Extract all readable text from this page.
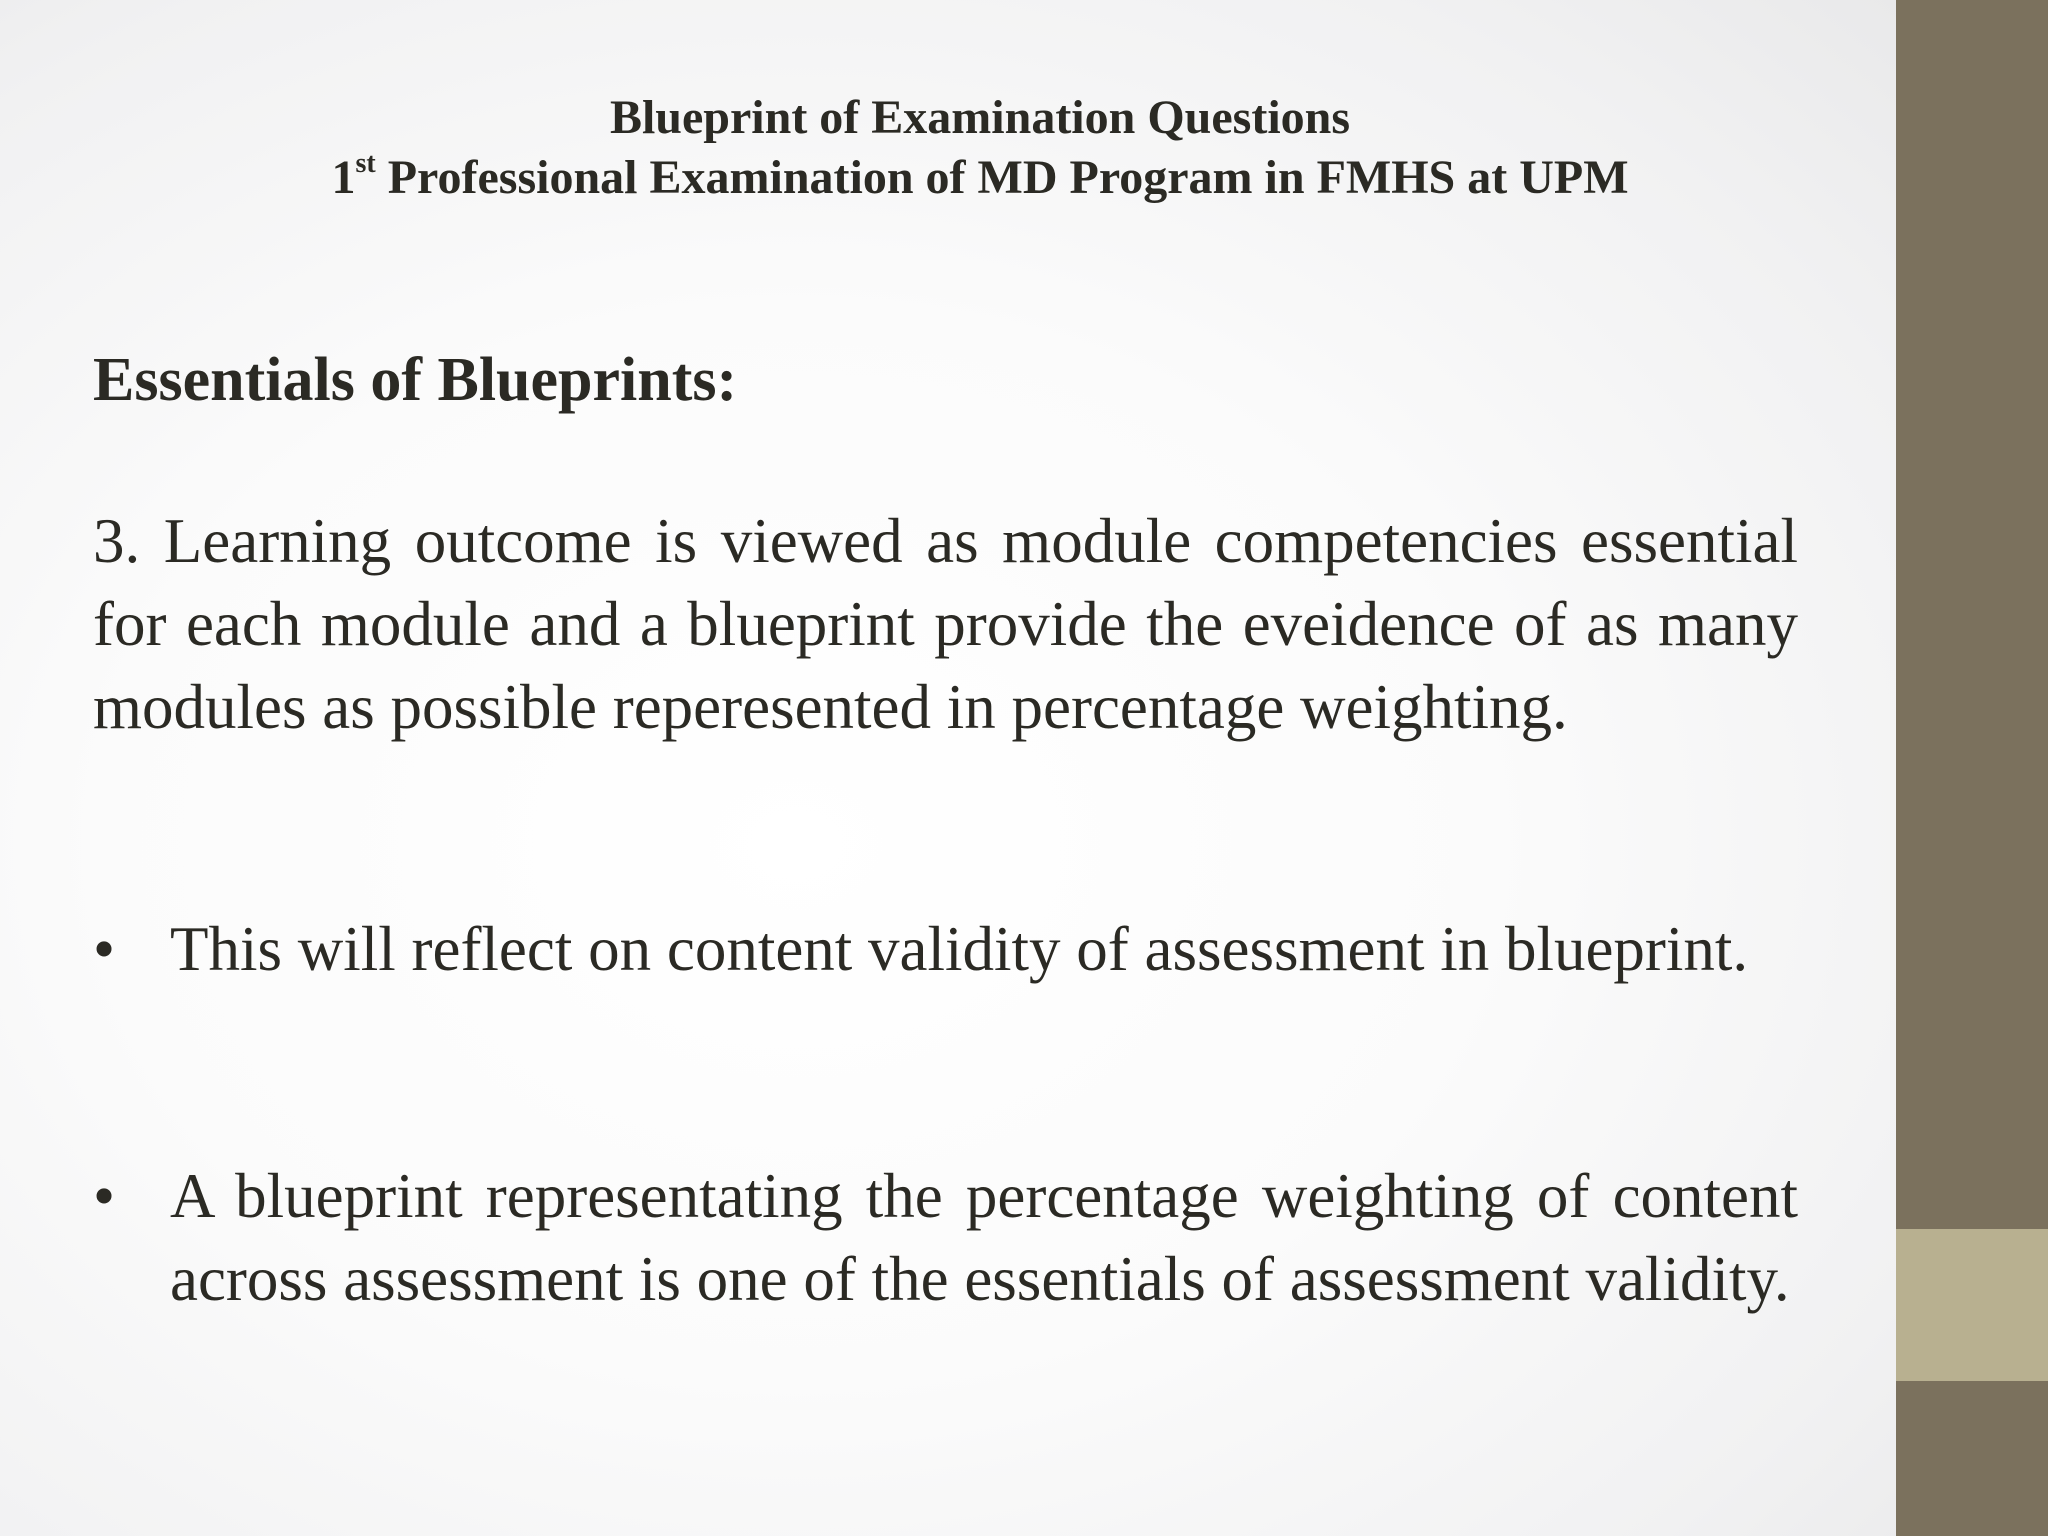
Blueprint of Examination Questions
1st Professional Examination of MD Program in FMHS at UPM
Essentials of Blueprints:
3. Learning outcome is viewed as module competencies essential for each module and a blueprint provide the eveidence of as many modules as possible reperesented in percentage weighting.
• This will reflect on content validity of assessment in blueprint.
• A blueprint representating the percentage weighting of content across assessment is one of the essentials of assessment validity.
